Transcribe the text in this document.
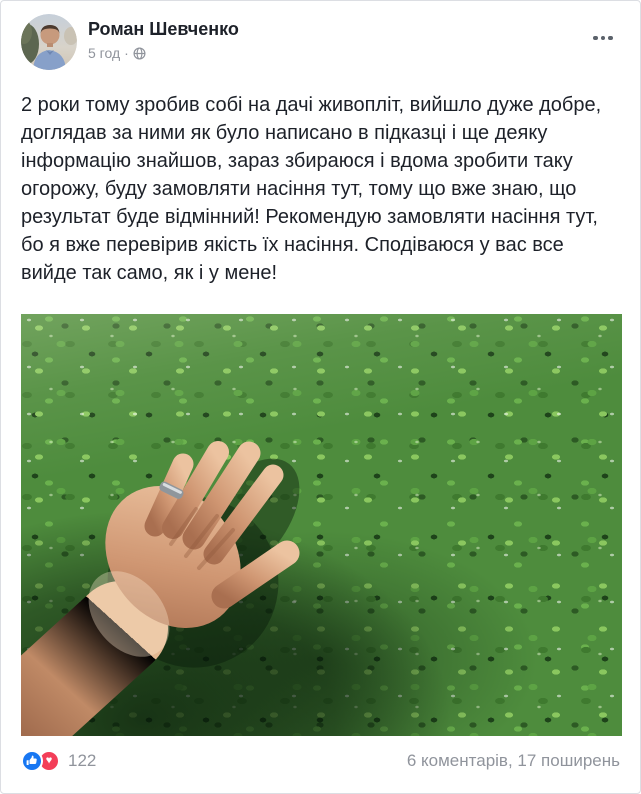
Роман Шевченко
5 год ·
2 роки тому зробив собі на дачі живопліт, вийшло дуже добре, доглядав за ними як було написано в підказці і ще деяку інформацію знайшов, зараз збираюся і вдома зробити таку огорожу, буду замовляти насіння тут, тому що вже знаю, що результат буде відмінний! Рекомендую замовляти насіння тут, бо я вже перевірив якість їх насіння. Сподіваюся у вас все вийде так само, як і у мене!
♥ 122	6 коментарів, 17 поширень
